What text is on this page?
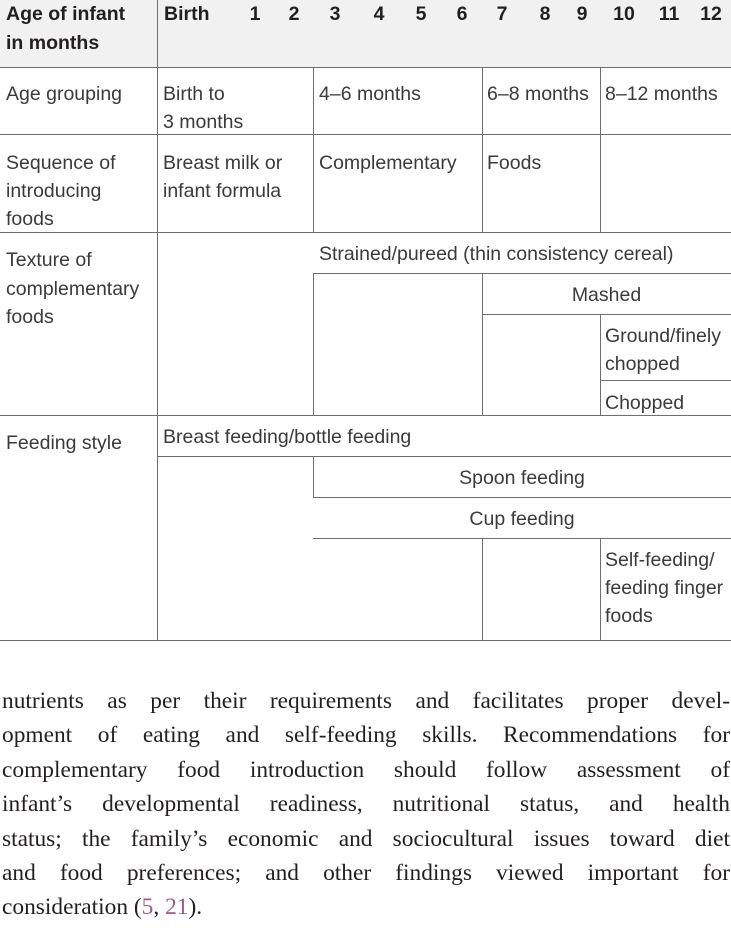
Age of infant
in months
Birth 1 2 3 4 5 6 7 8 9 10 11 12
Age grouping Birth to
3 months
4–6 months	6–8 months 8–12 months
Sequence of
introducing
foods
Breast milk or
infant formula
Complementary Foods
Texture of
complementary
foods
Strained/pureed (thin consistency cereal)
Mashed
Ground/finely
chopped
Chopped
Feeding style Breast feeding/bottle feeding
Spoon feeding
Cup feeding
Self-feeding/
feeding finger
foods
nutrients as per their requirements and facilitates proper devel-
opment of eating and self-feeding skills. Recommendations for
complementary food introduction should follow assessment of
infant’s developmental readiness, nutritional status, and health
status; the family’s economic and sociocultural issues toward diet
and food preferences; and other findings viewed important for
consideration (5, 21).
